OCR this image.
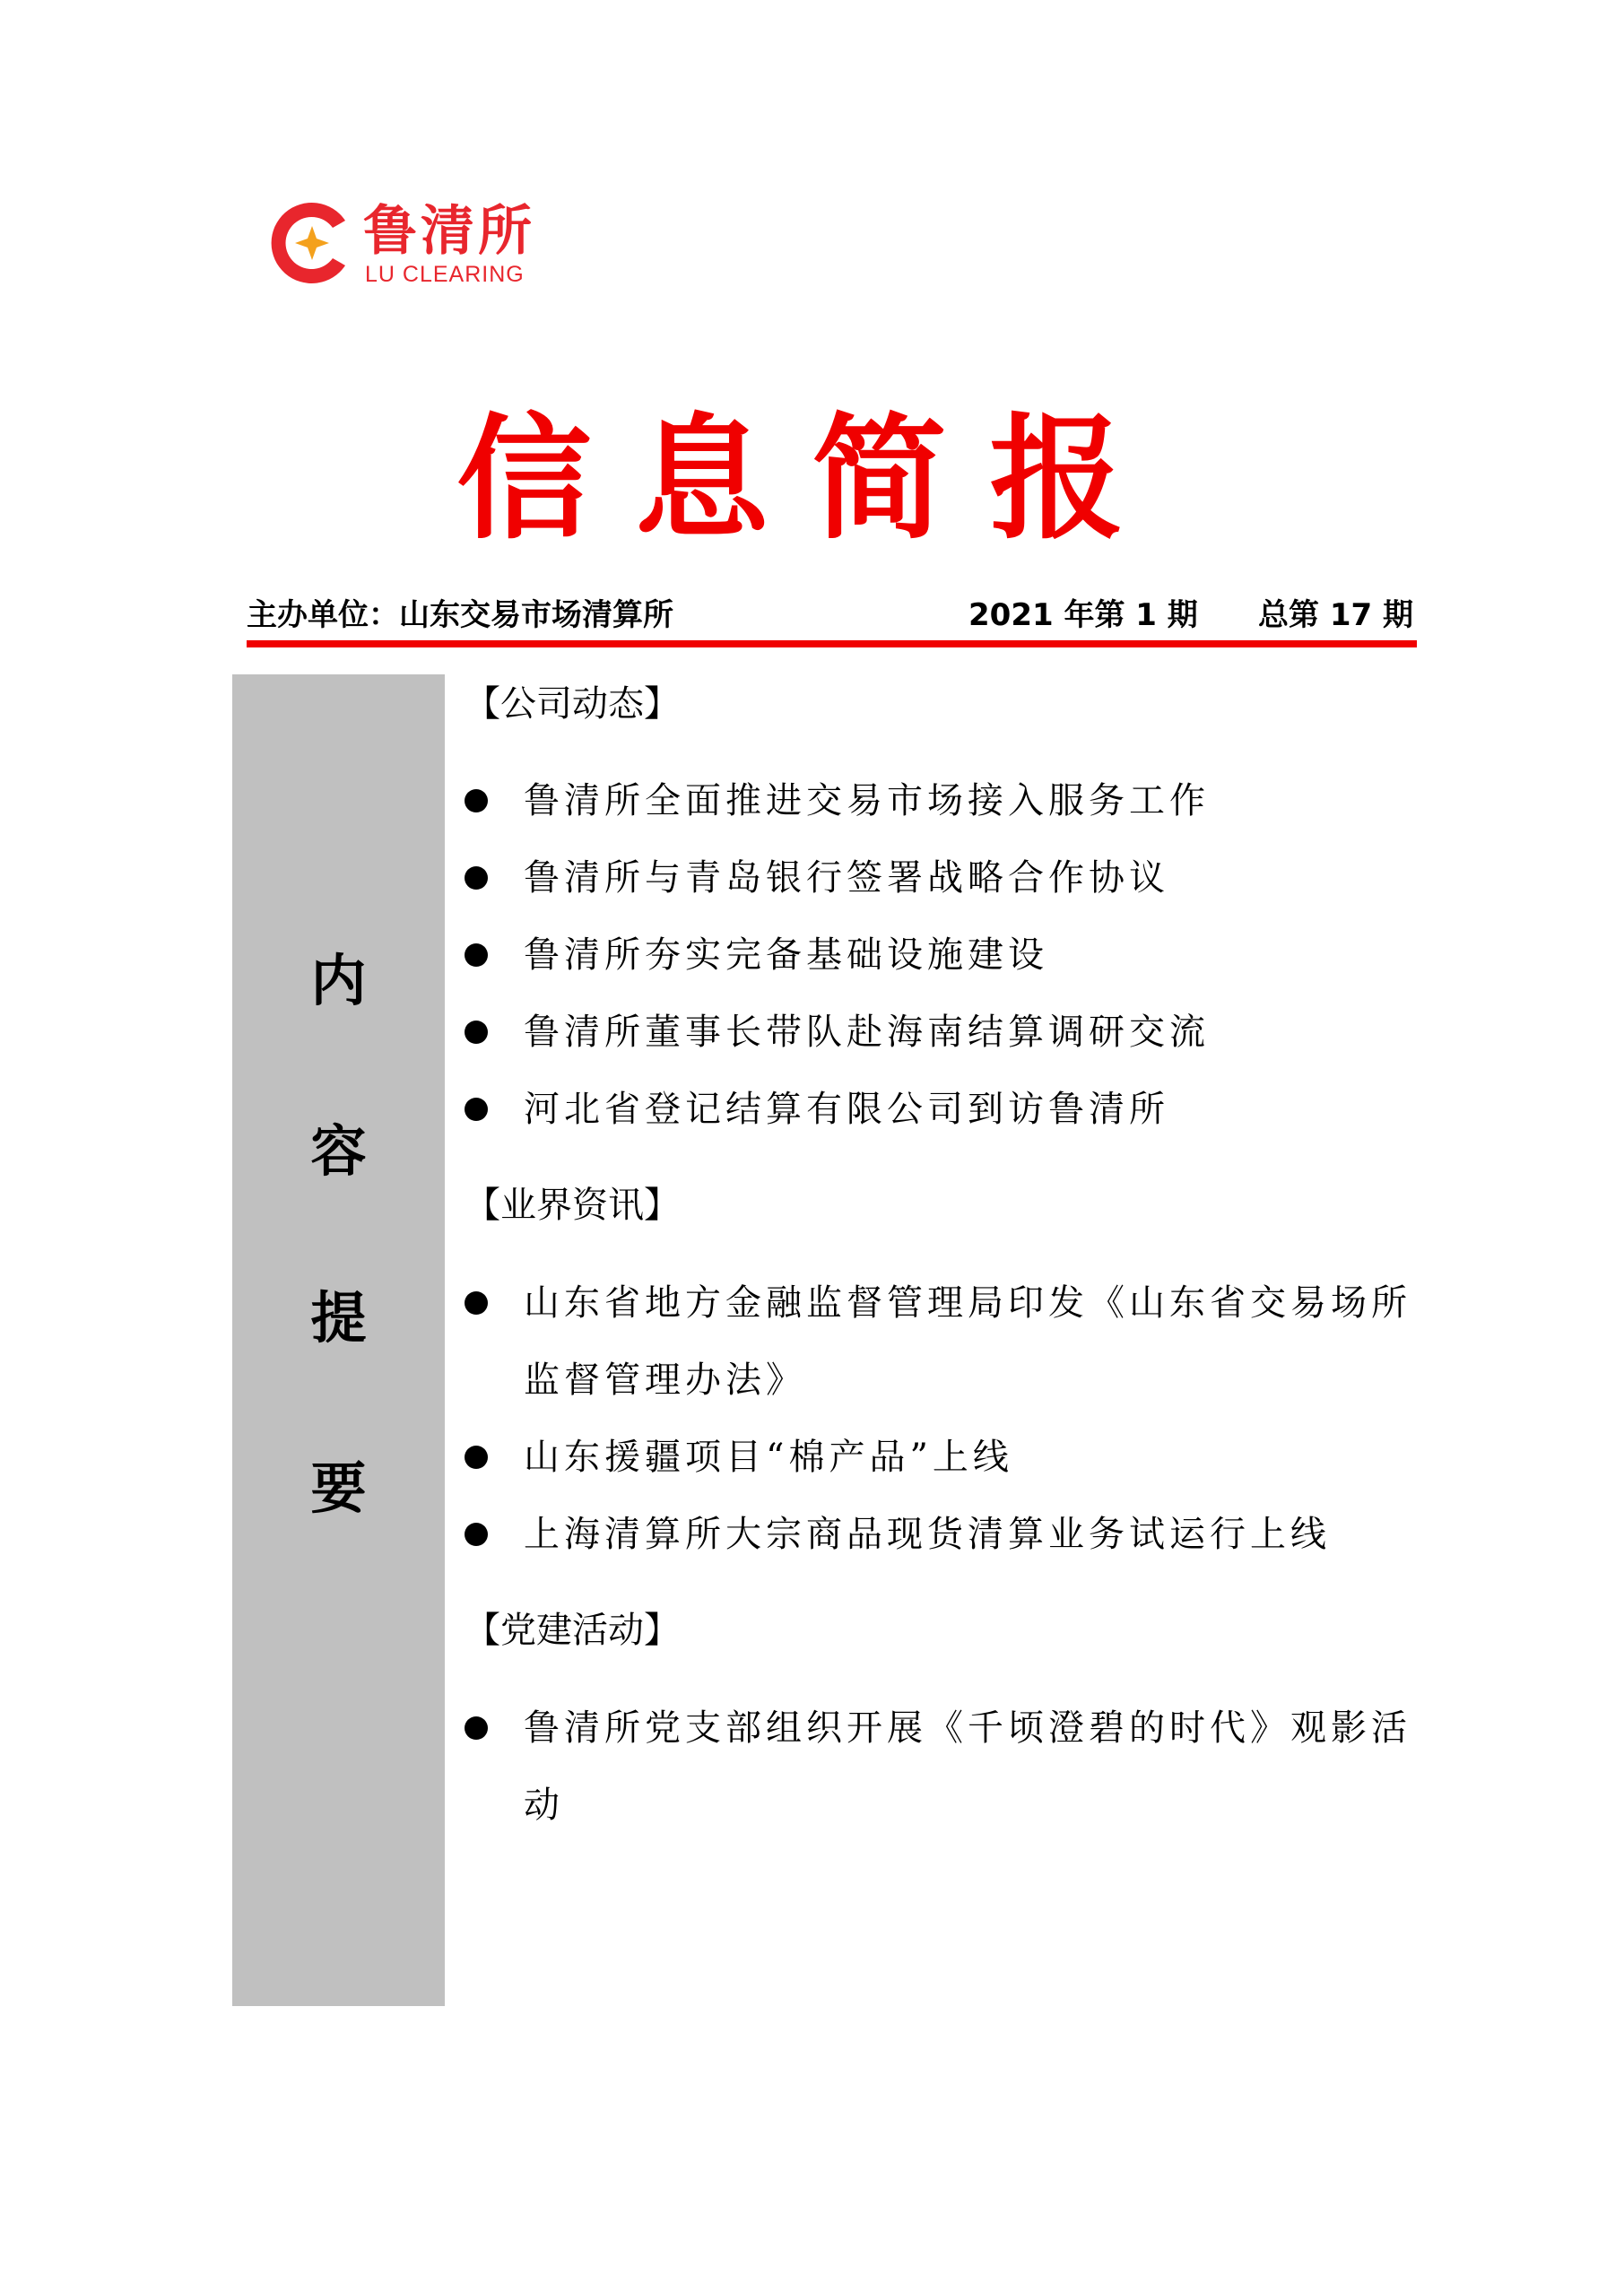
鲁清所
LU CLEARING
信息简报
主办单位：山东交易市场清算所	2021 年第 1 期 总第 17 期
内
容
提
要
【公司动态】
鲁清所全面推进交易市场接入服务工作
鲁清所与青岛银行签署战略合作协议
鲁清所夯实完备基础设施建设
鲁清所董事长带队赴海南结算调研交流
河北省登记结算有限公司到访鲁清所
【业界资讯】
山东省地方金融监督管理局印发《山东省交易场所监督管理办法》
山东援疆项目“棉产品”上线
上海清算所大宗商品现货清算业务试运行上线
【党建活动】
鲁清所党支部组织开展《千顷澄碧的时代》观影活动
